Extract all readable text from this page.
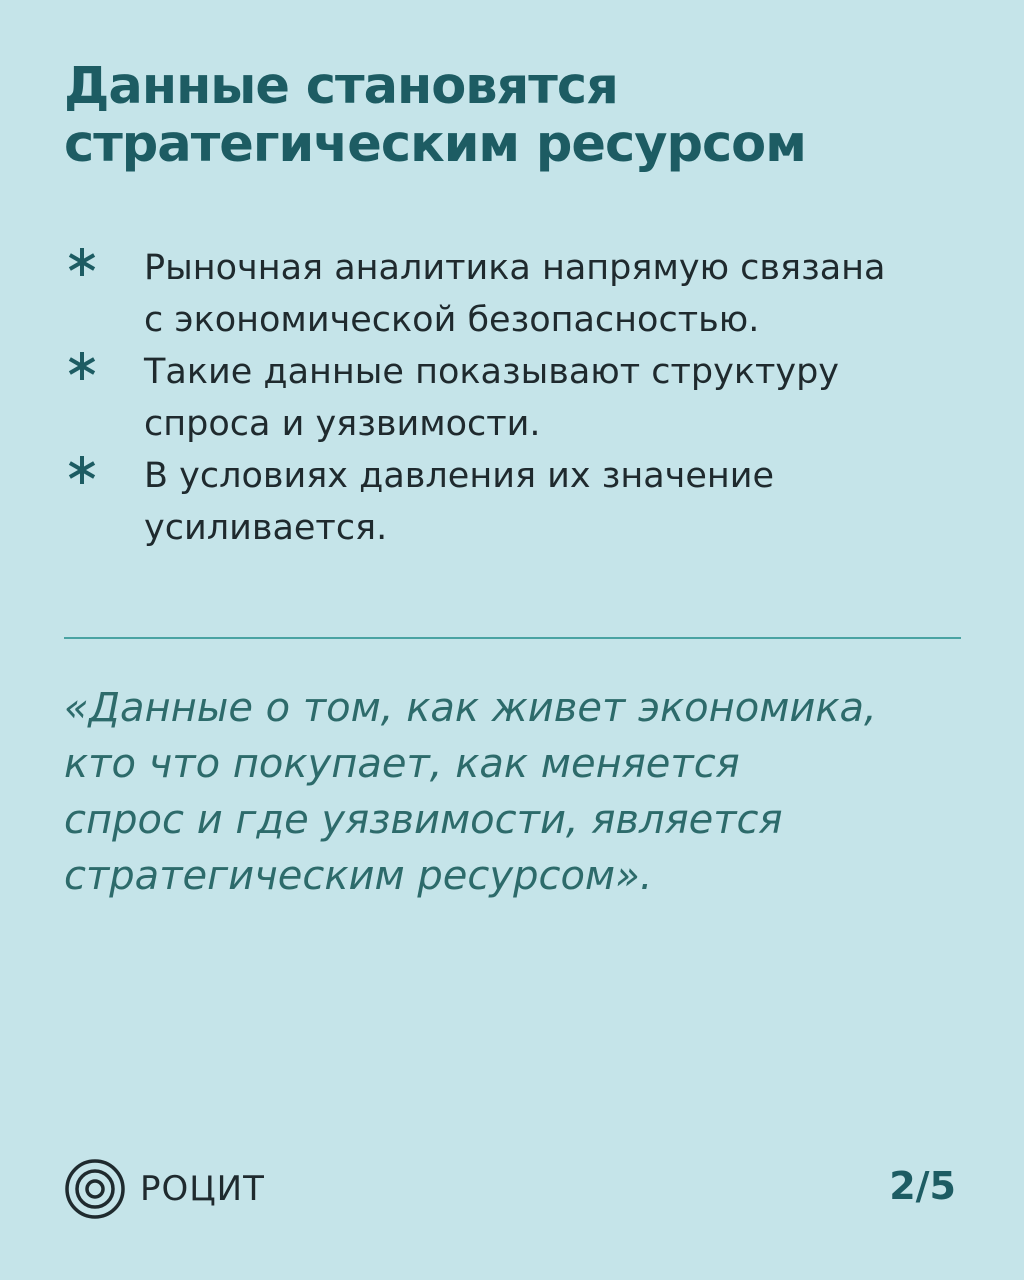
Данные становятся
стратегическим ресурсом
Рыночная аналитика напрямую связана
с экономической безопасностью.
Такие данные показывают структуру
спроса и уязвимости.
В условиях давления их значение
усиливается.
«Данные о том, как живет экономика,
кто что покупает, как меняется
спрос и где уязвимости, является
стратегическим ресурсом».
РОЦИТ	2/5
